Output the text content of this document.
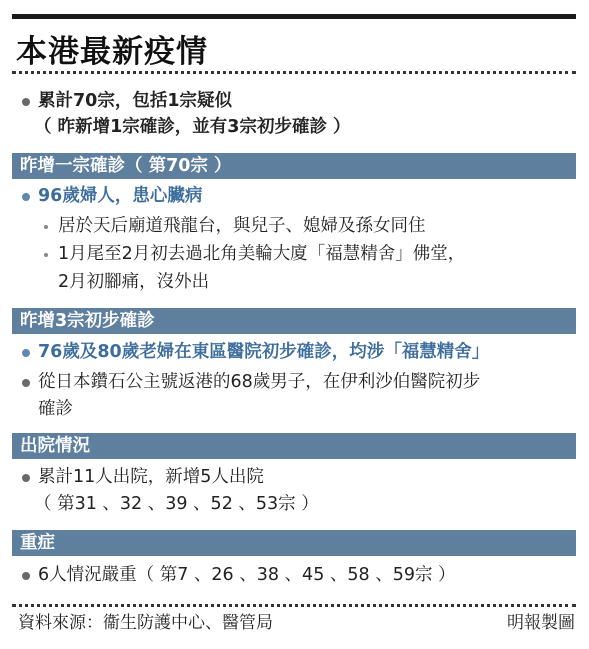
本港最新疫情
累計70宗，包括1宗疑似
（ 昨新增1宗確診，並有3宗初步確診 ）
昨增一宗確診（ 第70宗 ）
96歲婦人，患心臟病
居於天后廟道飛龍台，與兒子、媳婦及孫女同住
1月尾至2月初去過北角美輪大廈「福慧精舍」佛堂，
2月初腳痛，沒外出
昨增3宗初步確診
76歲及80歲老婦在東區醫院初步確診，均涉「福慧精舍」
從日本鑽石公主號返港的68歲男子，在伊利沙伯醫院初步
確診
出院情況
累計11人出院，新增5人出院
（ 第31 、32 、39 、52 、53宗 ）
重症
6人情況嚴重（ 第7 、26 、38 、45 、58 、59宗 ）
資料來源：衞生防護中心、醫管局	明報製圖
